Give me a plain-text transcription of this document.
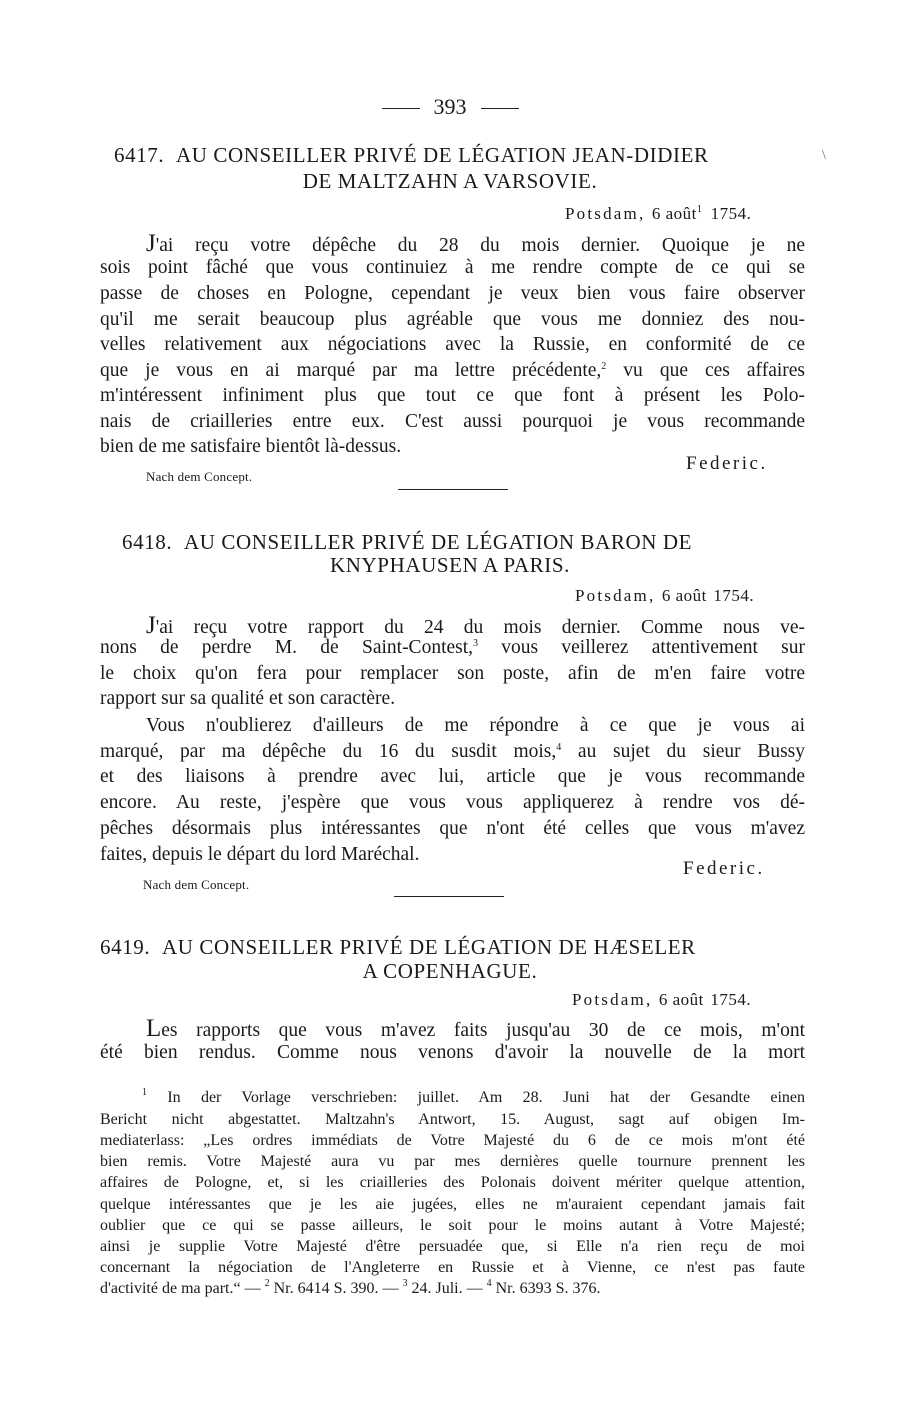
393
\
6417. AU CONSEILLER PRIVÉ DE LÉGATION JEAN-DIDIER
DE MALTZAHN A VARSOVIE.
Potsdam, 6 août$^1$ 1754.
J'ai reçu votre dépêche du 28 du mois dernier. Quoique je ne
sois point fâché que vous continuiez à me rendre compte de ce qui se
passe de choses en Pologne, cependant je veux bien vous faire observer
qu'il me serait beaucoup plus agréable que vous me donniez des nou-
velles relativement aux négociations avec la Russie, en conformité de ce
que je vous en ai marqué par ma lettre précédente,$^2$ vu que ces affaires
m'intéressent infiniment plus que tout ce que font à présent les Polo-
nais de criailleries entre eux. C'est aussi pourquoi je vous recommande
bien de me satisfaire bientôt là-dessus.
Federic.
Nach dem Concept.
6418. AU CONSEILLER PRIVÉ DE LÉGATION BARON DE
KNYPHAUSEN A PARIS.
Potsdam, 6 août 1754.
J'ai reçu votre rapport du 24 du mois dernier. Comme nous ve-
nons de perdre M. de Saint-Contest,$^3$ vous veillerez attentivement sur
le choix qu'on fera pour remplacer son poste, afin de m'en faire votre
rapport sur sa qualité et son caractère.
Vous n'oublierez d'ailleurs de me répondre à ce que je vous ai
marqué, par ma dépêche du 16 du susdit mois,$^4$ au sujet du sieur Bussy
et des liaisons à prendre avec lui, article que je vous recommande
encore. Au reste, j'espère que vous vous appliquerez à rendre vos dé-
pêches désormais plus intéressantes que n'ont été celles que vous m'avez
faites, depuis le départ du lord Maréchal.
Federic.
Nach dem Concept.
6419. AU CONSEILLER PRIVÉ DE LÉGATION DE HÆSELER
A COPENHAGUE.
Potsdam, 6 août 1754.
Les rapports que vous m'avez faits jusqu'au 30 de ce mois, m'ont
été bien rendus. Comme nous venons d'avoir la nouvelle de la mort
$^1$ In der Vorlage verschrieben: juillet. Am 28. Juni hat der Gesandte einen
Bericht nicht abgestattet. Maltzahn's Antwort, 15. August, sagt auf obigen Im-
mediaterlass: „Les ordres immédiats de Votre Majesté du 6 de ce mois m'ont été
bien remis. Votre Majesté aura vu par mes dernières quelle tournure prennent les
affaires de Pologne, et, si les criailleries des Polonais doivent mériter quelque attention,
quelque intéressantes que je les aie jugées, elles ne m'auraient cependant jamais fait
oublier que ce qui se passe ailleurs, le soit pour le moins autant à Votre Majesté;
ainsi je supplie Votre Majesté d'être persuadée que, si Elle n'a rien reçu de moi
concernant la négociation de l'Angleterre en Russie et à Vienne, ce n'est pas faute
d'activité de ma part.“ — $^2$ Nr. 6414 S. 390. — $^3$ 24. Juli. — $^4$ Nr. 6393 S. 376.
